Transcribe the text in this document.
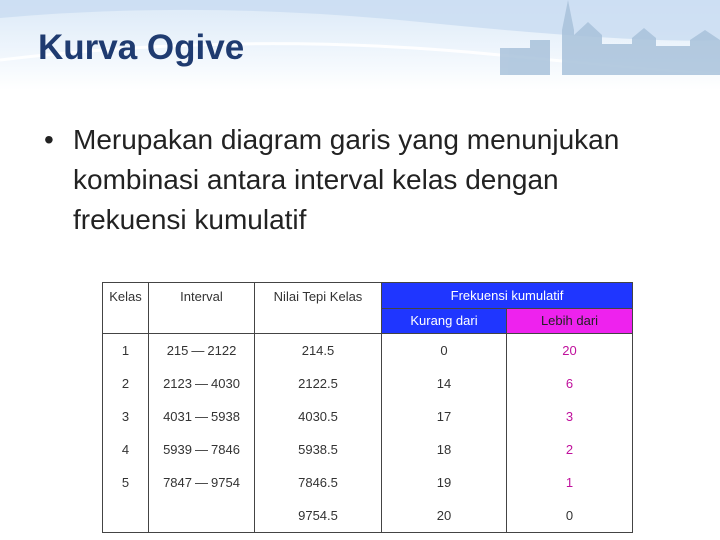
Kurva Ogive
• Merupakan diagram garis yang menunjukan kombinasi antara interval kelas dengan frekuensi kumulatif
Kelas	Interval	Nilai Tepi Kelas	Frekuensi kumulatif	
			Kurang dari	Lebih dari
1	215 — 2122	214.5	0	20
2	2123 — 4030	2122.5	14	6
3	4031 — 5938	4030.5	17	3
4	5939 — 7846	5938.5	18	2
5	7847 — 9754	7846.5	19	1
		9754.5	20	0
